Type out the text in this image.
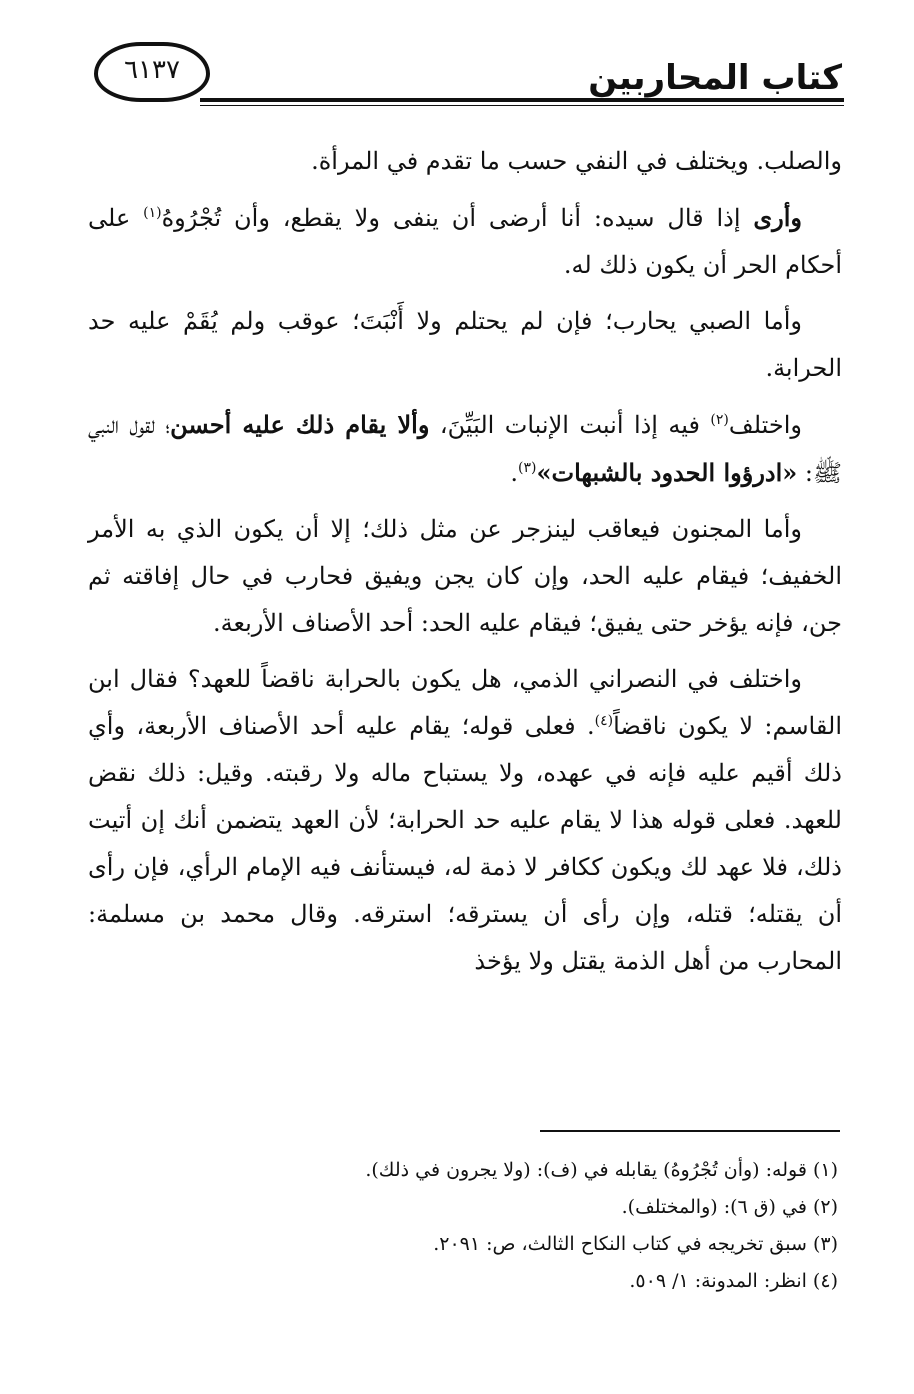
كتاب المحاربين
٦١٣٧

والصلب. ويختلف في النفي حسب ما تقدم في المرأة.

وأرى إذا قال سيده: أنا أرضى أن ينفى ولا يقطع، وأن تُجْرُوهُ$^{(١)}$ على أحكام الحر أن يكون ذلك له.

وأما الصبي يحارب؛ فإن لم يحتلم ولا أَنْبَتَ؛ عوقب ولم يُقَمْ عليه حد الحرابة.

واختلف$^{(٢)}$ فيه إذا أنبت الإنبات البَيِّنَ، وألا يقام ذلك عليه أحسن؛ لقول النبي ﷺ: «ادرؤوا الحدود بالشبهات»$^{(٣)}$.

وأما المجنون فيعاقب لينزجر عن مثل ذلك؛ إلا أن يكون الذي به الأمر الخفيف؛ فيقام عليه الحد، وإن كان يجن ويفيق فحارب في حال إفاقته ثم جن، فإنه يؤخر حتى يفيق؛ فيقام عليه الحد: أحد الأصناف الأربعة.

واختلف في النصراني الذمي، هل يكون بالحرابة ناقضاً للعهد؟ فقال ابن القاسم: لا يكون ناقضاً$^{(٤)}$. فعلى قوله؛ يقام عليه أحد الأصناف الأربعة، وأي ذلك أقيم عليه فإنه في عهده، ولا يستباح ماله ولا رقبته. وقيل: ذلك نقض للعهد. فعلى قوله هذا لا يقام عليه حد الحرابة؛ لأن العهد يتضمن أنك إن أتيت ذلك، فلا عهد لك ويكون ككافر لا ذمة له، فيستأنف فيه الإمام الرأي، فإن رأى أن يقتله؛ قتله، وإن رأى أن يسترقه؛ استرقه. وقال محمد بن مسلمة: المحارب من أهل الذمة يقتل ولا يؤخذ

(١) قوله: (وأن تُجْرُوهُ) يقابله في (ف): (ولا يجرون في ذلك).
(٢) في (ق ٦): (والمختلف).
(٣) سبق تخريجه في كتاب النكاح الثالث، ص: ٢٠٩١.
(٤) انظر: المدونة: ١/ ٥٠٩.
